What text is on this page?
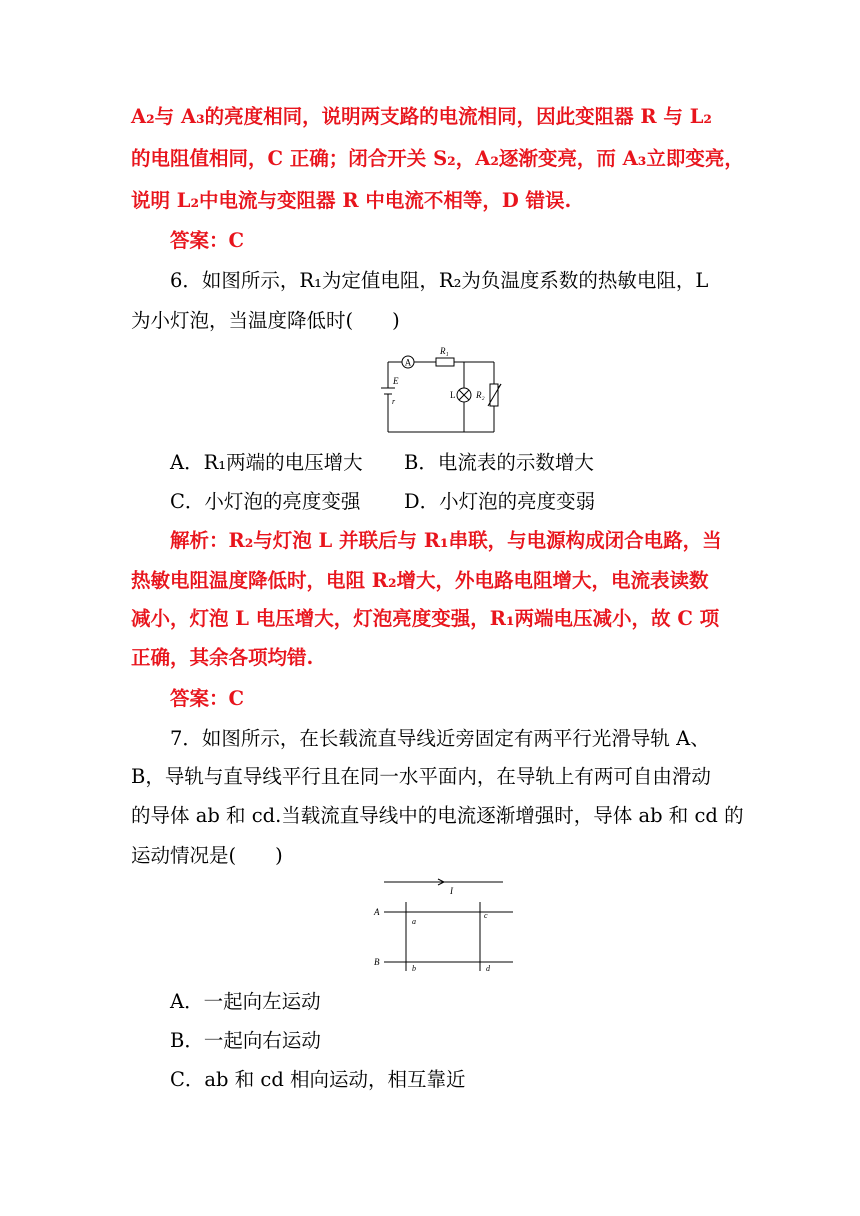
A₂与 A₃的亮度相同，说明两支路的电流相同，因此变阻器 R 与 L₂
的电阻值相同，C 正确；闭合开关 S₂，A₂逐渐变亮，而 A₃立即变亮，
说明 L₂中电流与变阻器 R 中电流不相等，D 错误.
答案：C
6．如图所示，R₁为定值电阻，R₂为负温度系数的热敏电阻，L
为小灯泡，当温度降低时(　　)
A
R₁
E
r
L R₂
A．R₁两端的电压增大 B．电流表的示数增大
C．小灯泡的亮度变强 D．小灯泡的亮度变弱
解析：R₂与灯泡 L 并联后与 R₁串联，与电源构成闭合电路，当
热敏电阻温度降低时，电阻 R₂增大，外电路电阻增大，电流表读数
减小，灯泡 L 电压增大，灯泡亮度变强，R₁两端电压减小，故 C 项
正确，其余各项均错.
答案：C
7．如图所示，在长载流直导线近旁固定有两平行光滑导轨 A、
B，导轨与直导线平行且在同一水平面内，在导轨上有两可自由滑动
的导体 ab 和 cd.当载流直导线中的电流逐渐增强时，导体 ab 和 cd 的
运动情况是(　　)
I
A
B
a
b
c
d
A．一起向左运动
B．一起向右运动
C．ab 和 cd 相向运动，相互靠近
